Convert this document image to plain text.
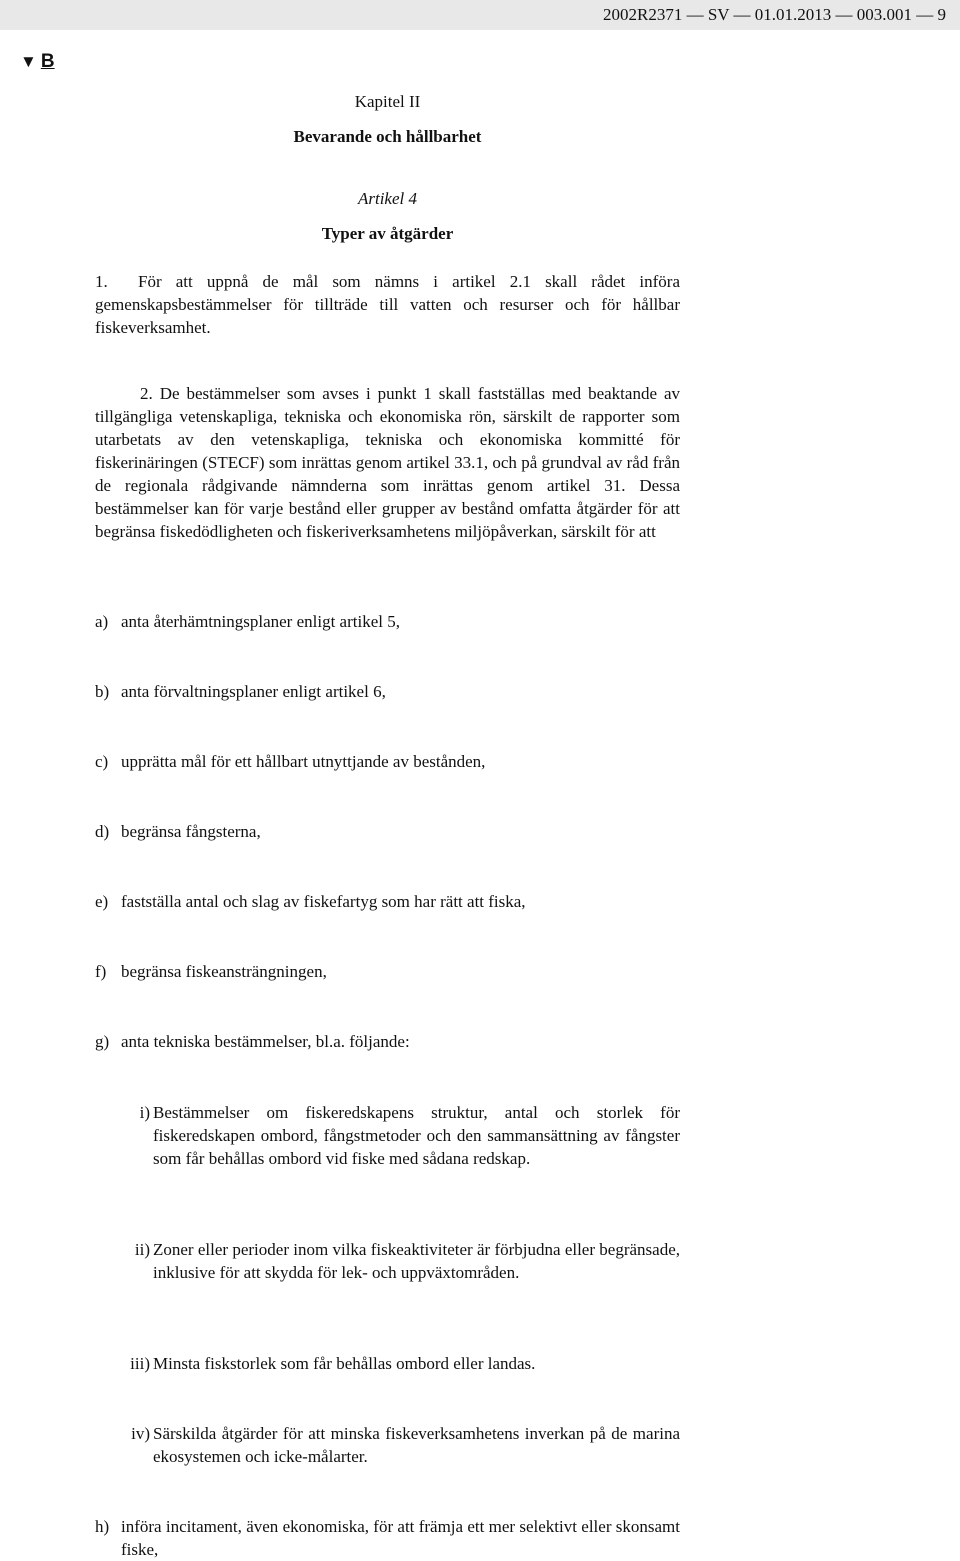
2002R2371 — SV — 01.01.2013 — 003.001 — 9
▼ B
Kapitel II
Bevarande och hållbarhet
Artikel 4
Typer av åtgärder
1. För att uppnå de mål som nämns i artikel 2.1 skall rådet införa gemenskapsbestämmelser för tillträde till vatten och resurser och för hållbar fiskeverksamhet.
2. De bestämmelser som avses i punkt 1 skall fastställas med beaktande av tillgängliga vetenskapliga, tekniska och ekonomiska rön, särskilt de rapporter som utarbetats av den vetenskapliga, tekniska och ekonomiska kommitté för fiskerinäringen (STECF) som inrättas genom artikel 33.1, och på grundval av råd från de regionala rådgivande nämnderna som inrättas genom artikel 31. Dessa bestämmelser kan för varje bestånd eller grupper av bestånd omfatta åtgärder för att begränsa fiskedödligheten och fiskeriverksamhetens miljöpåverkan, särskilt för att
a) anta återhämtningsplaner enligt artikel 5,
b) anta förvaltningsplaner enligt artikel 6,
c) upprätta mål för ett hållbart utnyttjande av bestånden,
d) begränsa fångsterna,
e) fastställa antal och slag av fiskefartyg som har rätt att fiska,
f) begränsa fiskeansträngningen,
g) anta tekniska bestämmelser, bl.a. följande:
i) Bestämmelser om fiskeredskapens struktur, antal och storlek för fiskeredskapen ombord, fångstmetoder och den sammansättning av fångster som får behållas ombord vid fiske med sådana redskap.
ii) Zoner eller perioder inom vilka fiskeaktiviteter är förbjudna eller begränsade, inklusive för att skydda för lek- och uppväxtområden.
iii) Minsta fiskstorlek som får behållas ombord eller landas.
iv) Särskilda åtgärder för att minska fiskeverksamhetens inverkan på de marina ekosystemen och icke-målarter.
h) införa incitament, även ekonomiska, för att främja ett mer selektivt eller skonsamt fiske,
